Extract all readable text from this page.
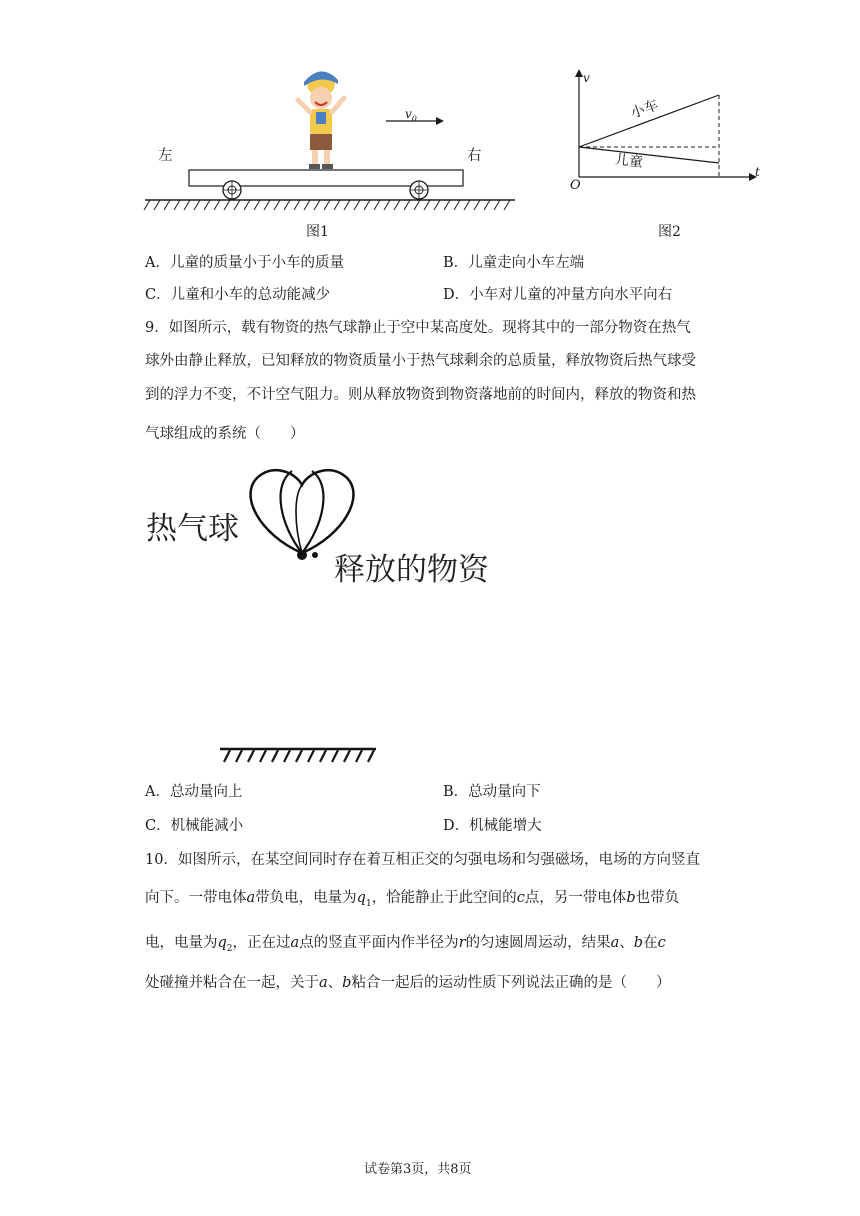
左	右
$v_0$
图1
v
t
O
小车
儿童
图2
A．儿童的质量小于小车的质量	B．儿童走向小车左端
C．儿童和小车的总动能减少	D．小车对儿童的冲量方向水平向右
9．如图所示，载有物资的热气球静止于空中某高度处。现将其中的一部分物资在热气
球外由静止释放，已知释放的物资质量小于热气球剩余的总质量，释放物资后热气球受
到的浮力不变，不计空气阻力。则从释放物资到物资落地前的时间内，释放的物资和热
气球组成的系统（　　）
热气球
释放的物资
A．总动量向上	B．总动量向下
C．机械能减小	D．机械能增大
10．如图所示，在某空间同时存在着互相正交的匀强电场和匀强磁场，电场的方向竖直
向下。一带电体a带负电，电量为$q_1$，恰能静止于此空间的c点，另一带电体b也带负
电，电量为$q_2$，正在过a点的竖直平面内作半径为r的匀速圆周运动，结果a、b在c
处碰撞并粘合在一起，关于a、b粘合一起后的运动性质下列说法正确的是（　　）
试卷第3页，共8页
